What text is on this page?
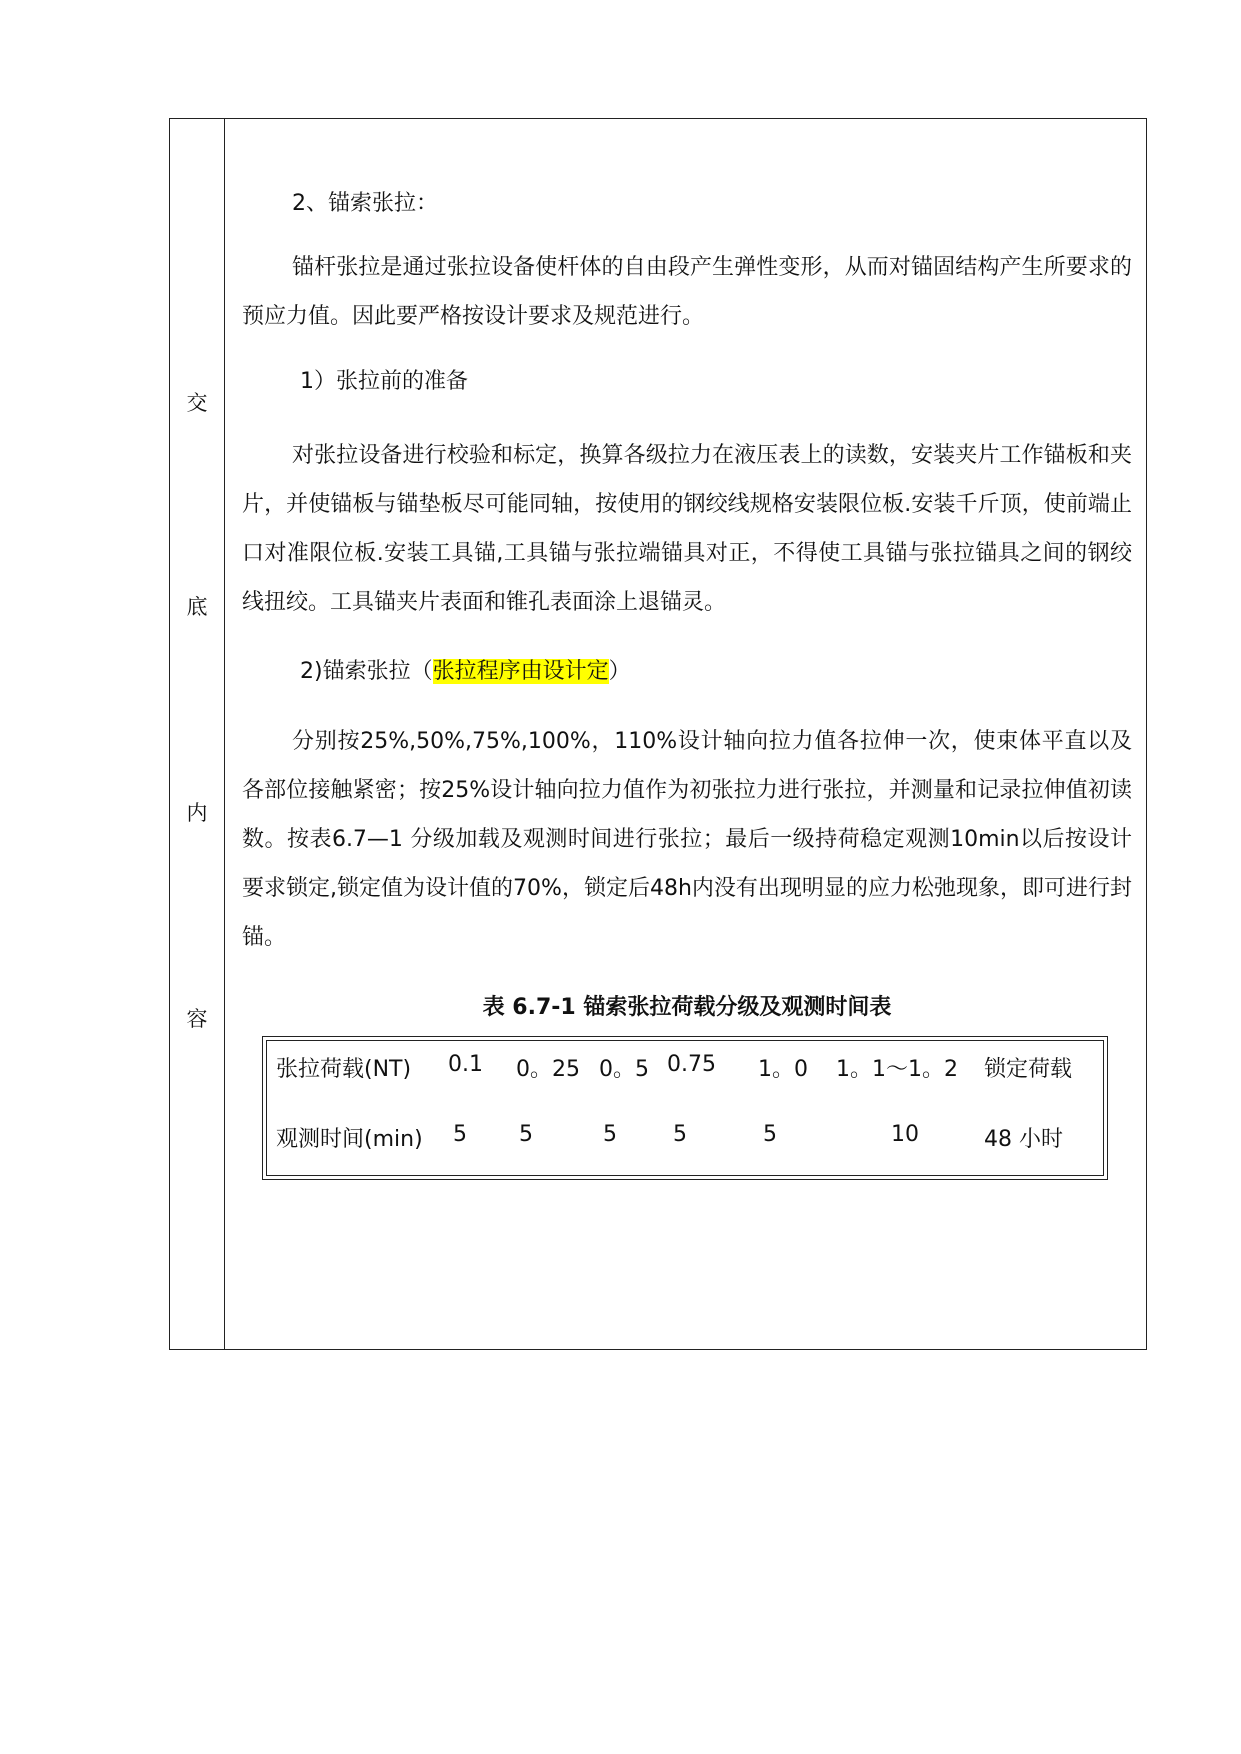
交
底
内
容
2、锚索张拉：
锚杆张拉是通过张拉设备使杆体的自由段产生弹性变形，从而对锚固结构产生所要求的预应力值。因此要严格按设计要求及规范进行。
1）张拉前的准备
对张拉设备进行校验和标定，换算各级拉力在液压表上的读数，安装夹片工作锚板和夹片，并使锚板与锚垫板尽可能同轴，按使用的钢绞线规格安装限位板.安装千斤顶，使前端止口对准限位板.安装工具锚,工具锚与张拉端锚具对正，不得使工具锚与张拉锚具之间的钢绞线扭绞。工具锚夹片表面和锥孔表面涂上退锚灵。
2)锚索张拉（张拉程序由设计定）
分别按25%,50%,75%,100%，110%设计轴向拉力值各拉伸一次，使束体平直以及各部位接触紧密；按25%设计轴向拉力值作为初张拉力进行张拉，并测量和记录拉伸值初读数。按表6.7—1 分级加载及观测时间进行张拉；最后一级持荷稳定观测10min以后按设计要求锁定,锁定值为设计值的70%，锁定后48h内没有出现明显的应力松弛现象，即可进行封锚。
表 6.7-1 锚索张拉荷载分级及观测时间表
张拉荷载(NT) 0.1 0。25 0。5 0.75 1。0 1。1～1。2 锁定荷载
观测时间(min) 5 5	5	5	5	10	48 小时
